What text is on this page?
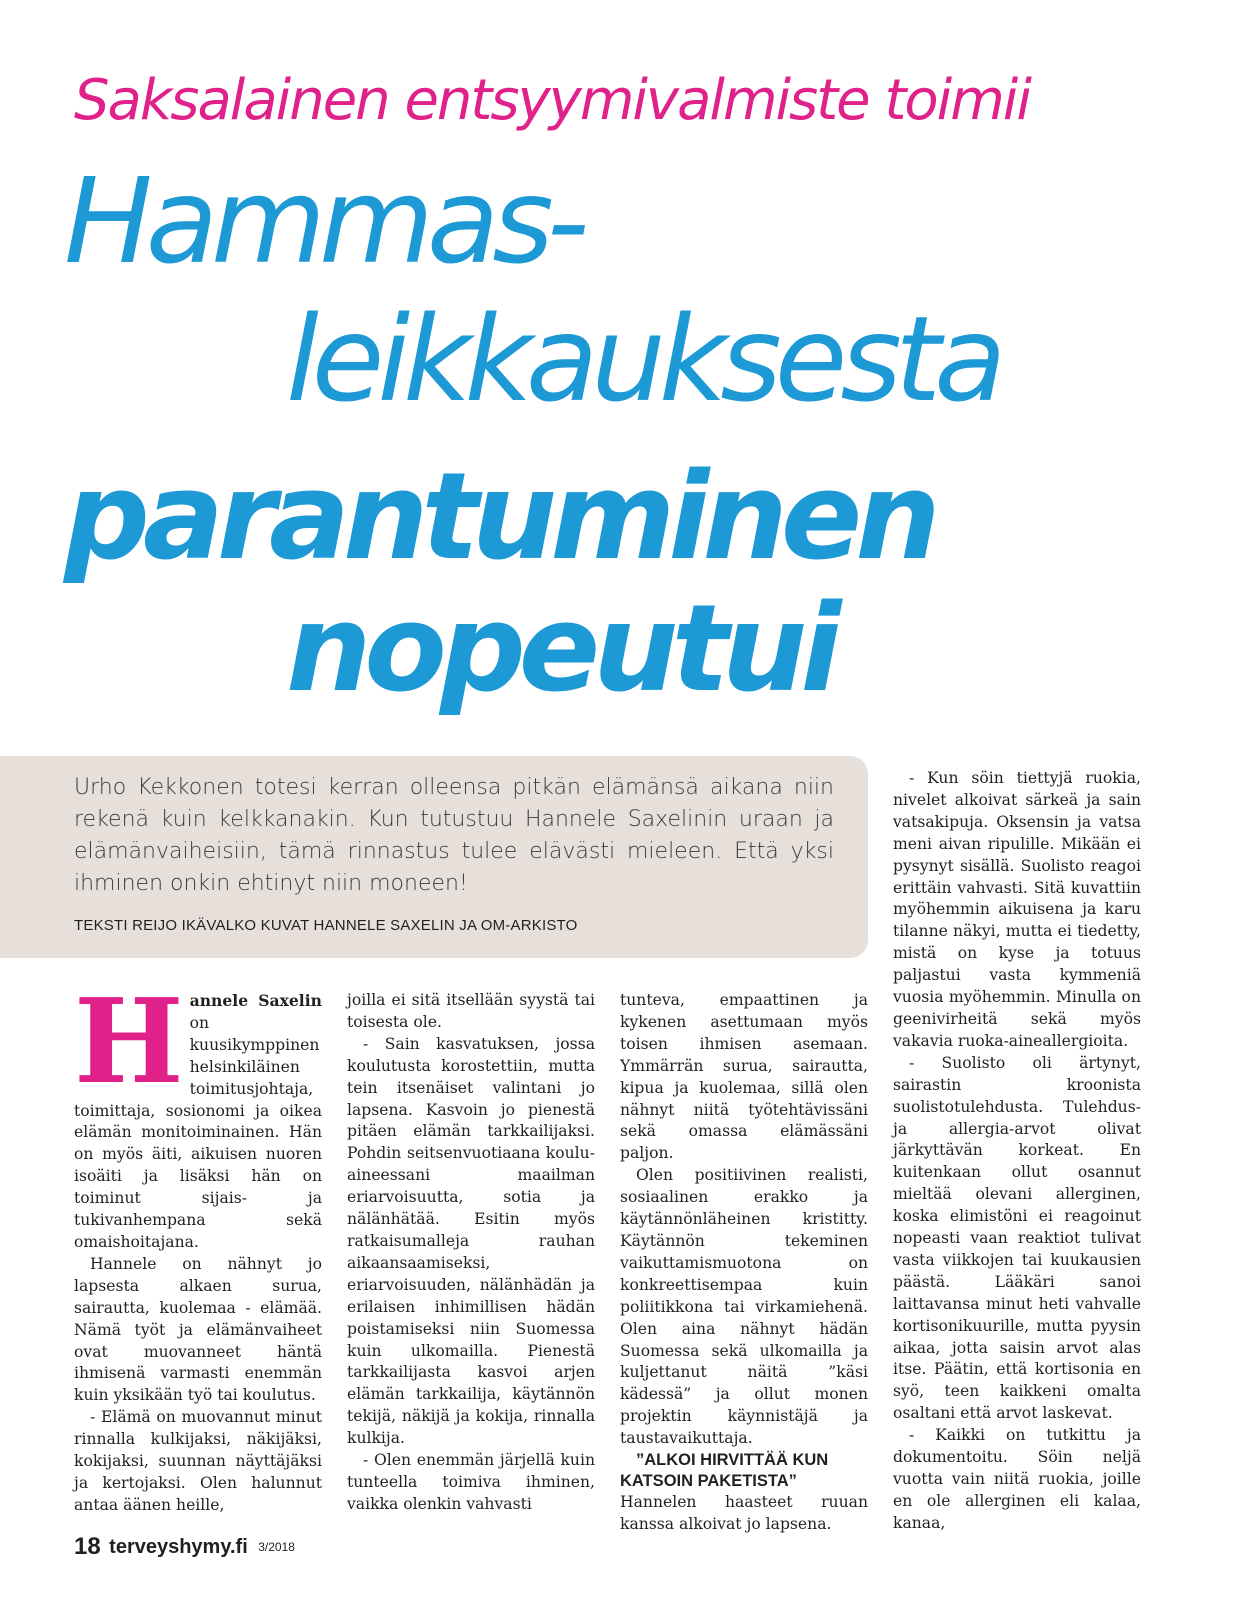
Saksalainen entsyymivalmiste toimii
Hammas-
leikkauksesta
parantuminen
nopeutui
Urho Kekkonen totesi kerran olleensa pitkän elämänsä aikana niin rekenä kuin kelkkanakin. Kun tutustuu Hannele Saxelinin uraan ja elämänvaiheisiin, tämä rinnastus tulee elävästi mieleen. Että yksi ihminen onkin ehtinyt niin moneen!
TEKSTI REIJO IKÄVALKO KUVAT HANNELE SAXELIN JA OM-ARKISTO

Hannele Saxelin on kuusikymppinen helsinkiläinen toimitusjohtaja, toimittaja, sosionomi ja oikea elämän monitoiminainen. Hän on myös äiti, aikuisen nuoren isoäiti ja lisäksi hän on toiminut sijais- ja tukivanhempana sekä omaishoitajana.

Hannele on nähnyt jo lapsesta alkaen surua, sairautta, kuolemaa - elämää. Nämä työt ja elämänvaiheet ovat muovanneet häntä ihmisenä varmasti enemmän kuin yksikään työ tai koulutus.

- Elämä on muovannut minut rinnalla kulkijaksi, näkijäksi, kokijaksi, suunnan näyttäjäksi ja kertojaksi. Olen halunnut antaa äänen heille,

joilla ei sitä itsellään syystä tai toisesta ole.

- Sain kasvatuksen, jossa koulutusta korostettiin, mutta tein itsenäiset valintani jo lapsena. Kasvoin jo pienestä pitäen elämän tarkkailijaksi. Pohdin seitsenvuotiaana kouluaineessani maailman eriarvoisuutta, sotia ja nälänhätää. Esitin myös ratkaisumalleja rauhan aikaansaamiseksi, eriarvoisuuden, nälänhädän ja erilaisen inhimillisen hädän poistamiseksi niin Suomessa kuin ulkomailla. Pienestä tarkkailijasta kasvoi arjen elämän tarkkailija, käytännön tekijä, näkijä ja kokija, rinnalla kulkija.

- Olen enemmän järjellä kuin tunteella toimiva ihminen, vaikka olenkin vahvasti

tunteva, empaattinen ja kykenen asettumaan myös toisen ihmisen asemaan. Ymmärrän surua, sairautta, kipua ja kuolemaa, sillä olen nähnyt niitä työtehtävissäni sekä omassa elämässäni paljon.

Olen positiivinen realisti, sosiaalinen erakko ja käytännönläheinen kristitty. Käytännön tekeminen vaikuttamismuotona on konkreettisempaa kuin poliitikkona tai virkamiehenä. Olen aina nähnyt hädän Suomessa sekä ulkomailla ja kuljettanut näitä ”käsi kädessä” ja ollut monen projektin käynnistäjä ja taustavaikuttaja.

”ALKOI HIRVITTÄÄ KUN KATSOIN PAKETISTA”

Hannelen haasteet ruuan kanssa alkoivat jo lapsena.

- Kun söin tiettyjä ruokia, nivelet alkoivat särkeä ja sain vatsakipuja. Oksensin ja vatsa meni aivan ripulille. Mikään ei pysynyt sisällä. Suolisto reagoi erittäin vahvasti. Sitä kuvattiin myöhemmin aikuisena ja karu tilanne näkyi, mutta ei tiedetty, mistä on kyse ja totuus paljastui vasta kymmeniä vuosia myöhemmin. Minulla on geenivirheitä sekä myös vakavia ruoka-aineallergioita.

- Suolisto oli ärtynyt, sairastin kroonista suolistotulehdusta. Tulehdus- ja allergia-arvot olivat järkyttävän korkeat. En kuitenkaan ollut osannut mieltää olevani allerginen, koska elimistöni ei reagoinut nopeasti vaan reaktiot tulivat vasta viikkojen tai kuukausien päästä. Lääkäri sanoi laittavansa minut heti vahvalle kortisonikuurille, mutta pyysin aikaa, jotta saisin arvot alas itse. Päätin, että kortisonia en syö, teen kaikkeni omalta osaltani että arvot laskevat.

- Kaikki on tutkittu ja dokumentoitu. Söin neljä vuotta vain niitä ruokia, joille en ole allerginen eli kalaa, kanaa,

18 terveyshymy.fi 3/2018
